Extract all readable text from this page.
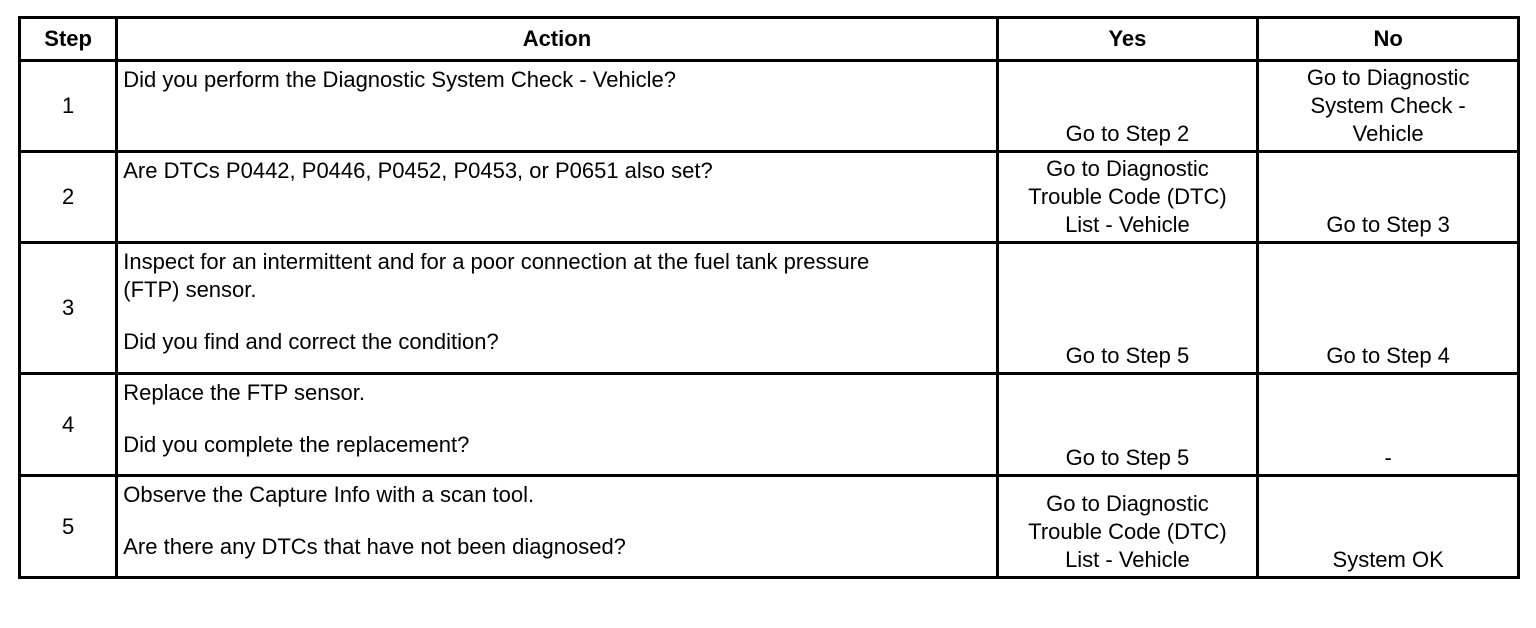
Step	Action	Yes	No
1	Did you perform the Diagnostic System Check - Vehicle?	Go to Step 2	Go to Diagnostic
System Check -
Vehicle

2	Are DTCs P0442, P0446, P0452, P0453, or P0651 also set?	Go to Diagnostic
Trouble Code (DTC)
List - Vehicle	Go to Step 3

3	Inspect for an intermittent and for a poor connection at the fuel tank pressure
(FTP) sensor.
Did you find and correct the condition?	Go to Step 5	Go to Step 4

4	Replace the FTP sensor.
Did you complete the replacement?	Go to Step 5	-

5	Observe the Capture Info with a scan tool.
Are there any DTCs that have not been diagnosed?	Go to Diagnostic
Trouble Code (DTC)
List - Vehicle	System OK
